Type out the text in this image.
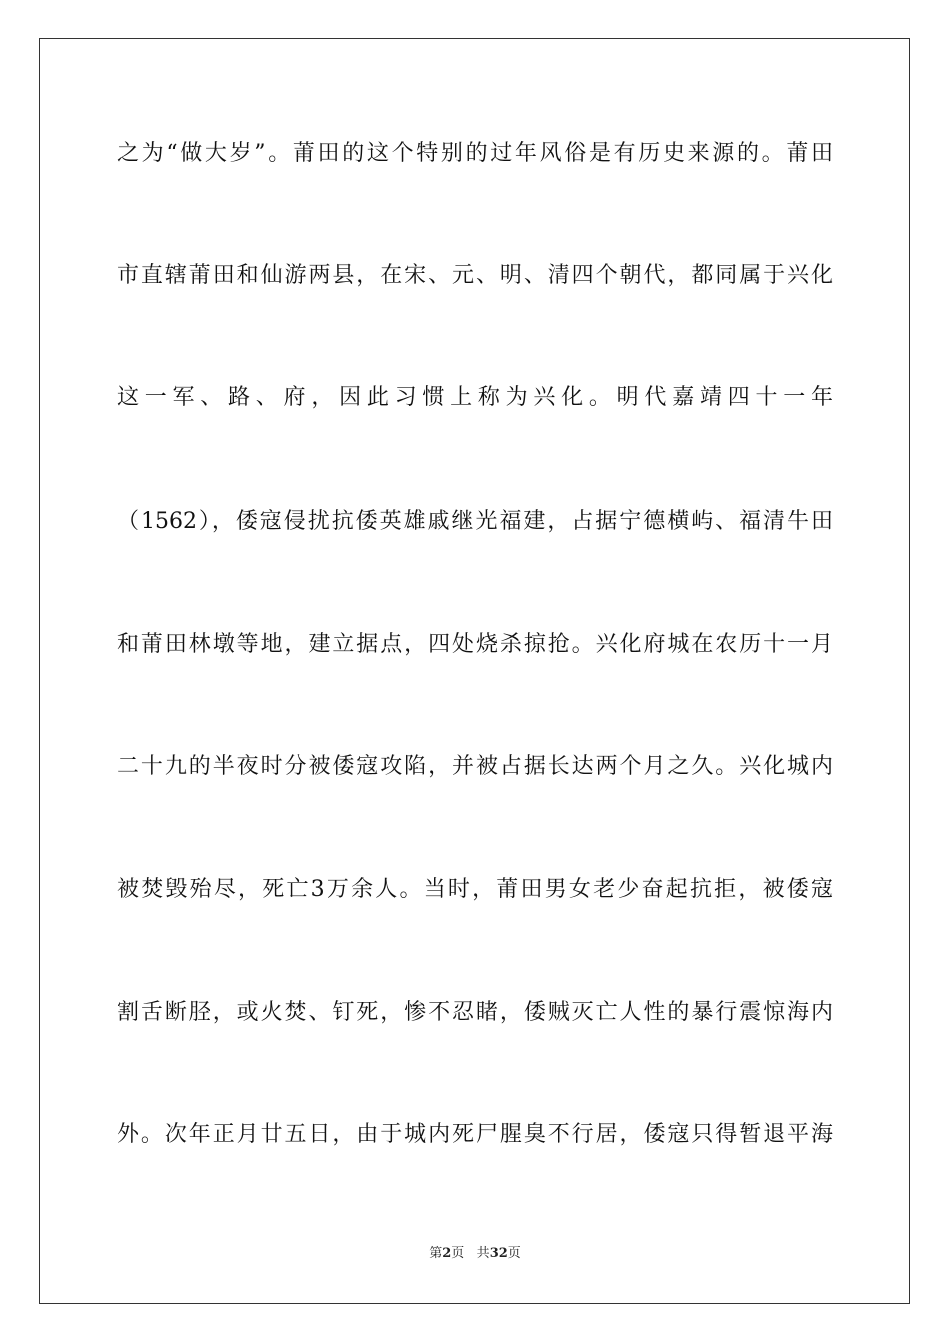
之为“做大岁”。莆田的这个特别的过年风俗是有历史来源的。莆田
市直辖莆田和仙游两县，在宋、元、明、清四个朝代，都同属于兴化
这一军、路、府，因此习惯上称为兴化。明代嘉靖四十一年
（1562），倭寇侵扰抗倭英雄戚继光福建，占据宁德横屿、福清牛田
和莆田林墩等地，建立据点，四处烧杀掠抢。兴化府城在农历十一月
二十九的半夜时分被倭寇攻陷，并被占据长达两个月之久。兴化城内
被焚毁殆尽，死亡3万余人。当时，莆田男女老少奋起抗拒，被倭寇
割舌断胫，或火焚、钉死，惨不忍睹，倭贼灭亡人性的暴行震惊海内
外。次年正月廿五日，由于城内死尸腥臭不行居，倭寇只得暂退平海
第2页 共32页
